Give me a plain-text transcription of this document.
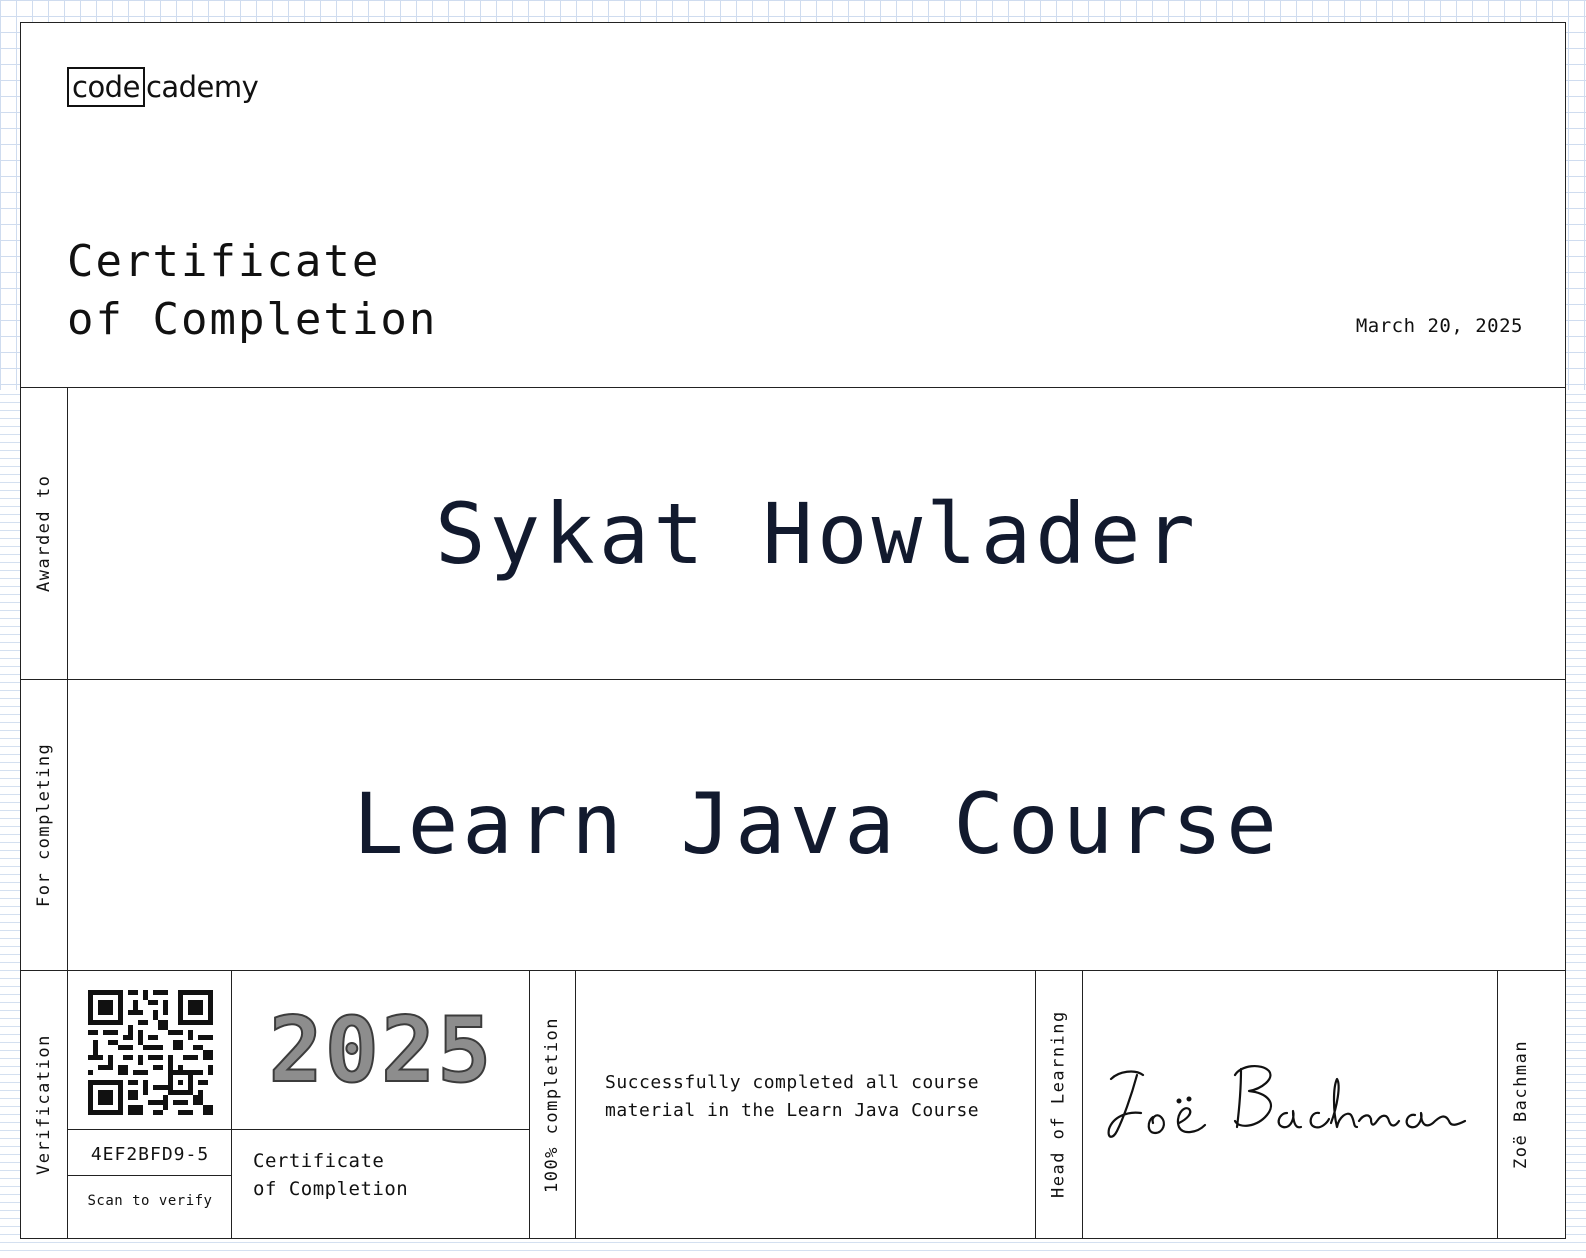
code cademy
Certificate
of Completion	March 20, 2025
Awarded to	Sykat Howlader
For completing	Learn Java Course
Verification	4EF2BFD9-5
Scan to verify
2025
Certificate
of Completion	100% completion	Successfully completed all course material in the Learn Java Course	Head of Learning	Zoë Bachman
